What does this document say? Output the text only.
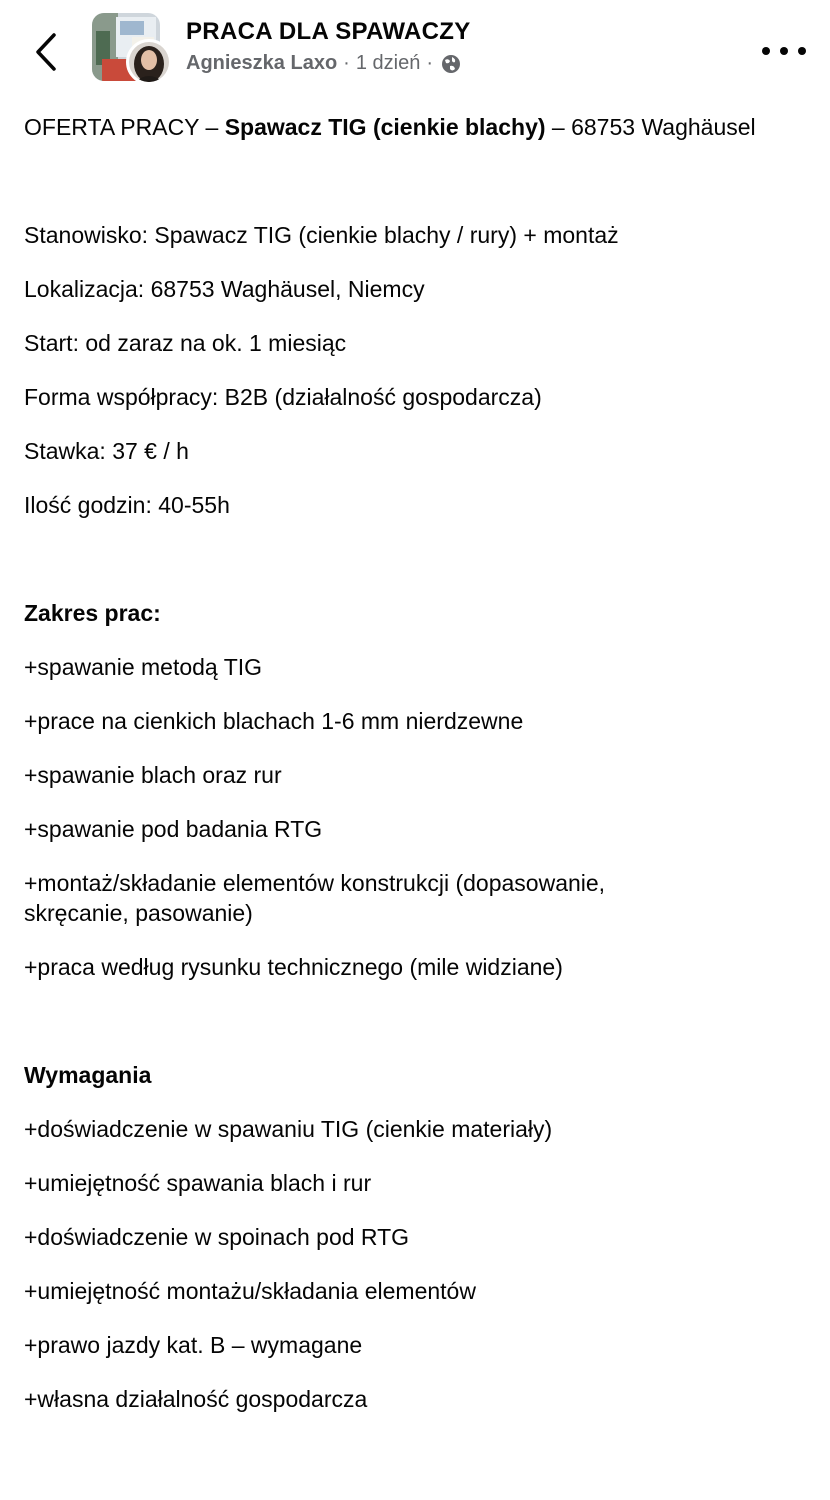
PRACA DLA SPAWACZY
Agnieszka Laxo · 1 dzień ·

OFERTA PRACY – Spawacz TIG (cienkie blachy) – 68753 Waghäusel

Stanowisko: Spawacz TIG (cienkie blachy / rury) + montaż

Lokalizacja: 68753 Waghäusel, Niemcy

Start: od zaraz na ok. 1 miesiąc

Forma współpracy: B2B (działalność gospodarcza)

Stawka: 37 € / h

Ilość godzin: 40-55h

Zakres prac:

+spawanie metodą TIG

+prace na cienkich blachach 1-6 mm nierdzewne

+spawanie blach oraz rur

+spawanie pod badania RTG

+montaż/składanie elementów konstrukcji (dopasowanie, skręcanie, pasowanie)

+praca według rysunku technicznego (mile widziane)

Wymagania

+doświadczenie w spawaniu TIG (cienkie materiały)

+umiejętność spawania blach i rur

+doświadczenie w spoinach pod RTG

+umiejętność montażu/składania elementów

+prawo jazdy kat. B – wymagane

+własna działalność gospodarcza
